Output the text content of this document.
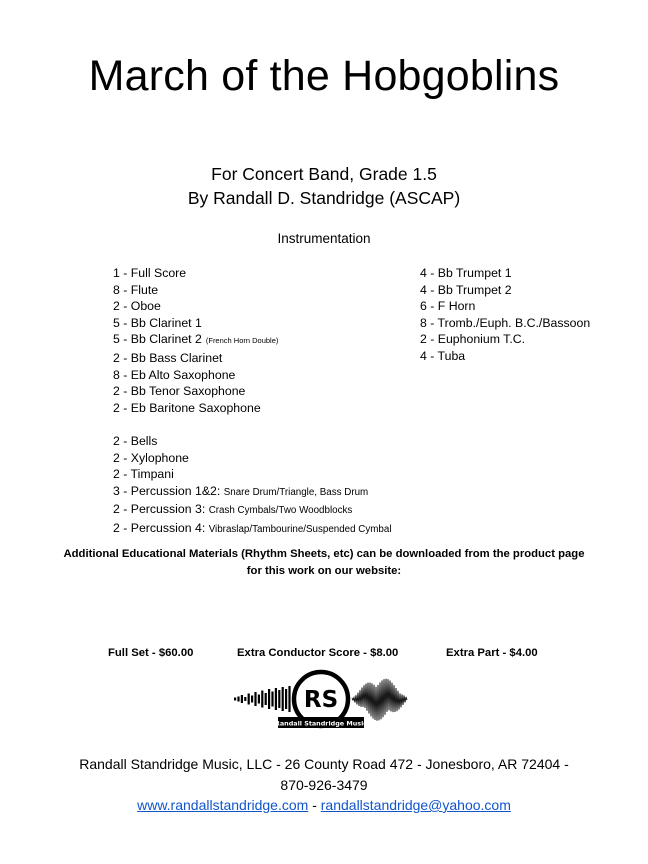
March of the Hobgoblins
For Concert Band, Grade 1.5
By Randall D. Standridge (ASCAP)
Instrumentation
1 - Full Score
8 - Flute
2 - Oboe
5 - Bb Clarinet 1
5 - Bb Clarinet 2 (French Horn Double)
2 - Bb Bass Clarinet
8 - Eb Alto Saxophone
2 - Bb Tenor Saxophone
2 - Eb Baritone Saxophone
2 - Bells
2 - Xylophone
2 - Timpani
3 - Percussion 1&2: Snare Drum/Triangle, Bass Drum
2 - Percussion 3: Crash Cymbals/Two Woodblocks
2 - Percussion 4: Vibraslap/Tambourine/Suspended Cymbal
4 - Bb Trumpet 1
4 - Bb Trumpet 2
6 - F Horn
8 - Tromb./Euph. B.C./Bassoon
2 - Euphonium T.C.
4 - Tuba
Additional Educational Materials (Rhythm Sheets, etc) can be downloaded from the product page
for this work on our website:
Full Set - $60.00	Extra Conductor Score - $8.00	Extra Part - $4.00
RS
Randall Standridge Music
Randall Standridge Music, LLC - 26 County Road 472 - Jonesboro, AR 72404 -
870-926-3479
www.randallstandridge.com - randallstandridge@yahoo.com
